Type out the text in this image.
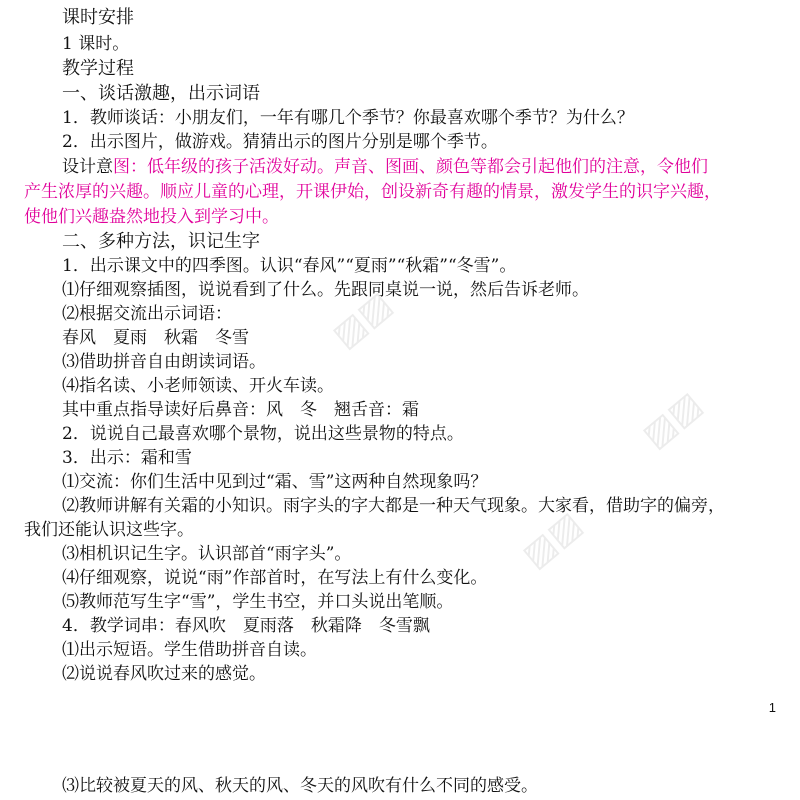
课时安排
1 课时。
教学过程
一、谈话激趣，出示词语
1．教师谈话：小朋友们，一年有哪几个季节？你最喜欢哪个季节？为什么？
2．出示图片，做游戏。猜猜出示的图片分别是哪个季节。
设计意图：低年级的孩子活泼好动。声音、图画、颜色等都会引起他们的注意，令他们
产生浓厚的兴趣。顺应儿童的心理，开课伊始，创设新奇有趣的情景，激发学生的识字兴趣，
使他们兴趣盎然地投入到学习中。
二、多种方法，识记生字
1．出示课文中的四季图。认识“春风”“夏雨”“秋霜”“冬雪”。
⑴仔细观察插图，说说看到了什么。先跟同桌说一说，然后告诉老师。
⑵根据交流出示词语：
春风　夏雨　秋霜　冬雪
⑶借助拼音自由朗读词语。
⑷指名读、小老师领读、开火车读。
其中重点指导读好后鼻音：风　冬　翘舌音：霜
2．说说自己最喜欢哪个景物，说出这些景物的特点。
3．出示：霜和雪
⑴交流：你们生活中见到过“霜、雪”这两种自然现象吗？
⑵教师讲解有关霜的小知识。雨字头的字大都是一种天气现象。大家看，借助字的偏旁，
我们还能认识这些字。
⑶相机识记生字。认识部首“雨字头”。
⑷仔细观察，说说“雨”作部首时，在写法上有什么变化。
⑸教师范写生字“雪”，学生书空，并口头说出笔顺。
4．教学词串：春风吹　夏雨落　秋霜降　冬雪飘
⑴出示短语。学生借助拼音自读。
⑵说说春风吹过来的感觉。
1
⑶比较被夏天的风、秋天的风、冬天的风吹有什么不同的感受。
▨▨
▨▨
▨▨
